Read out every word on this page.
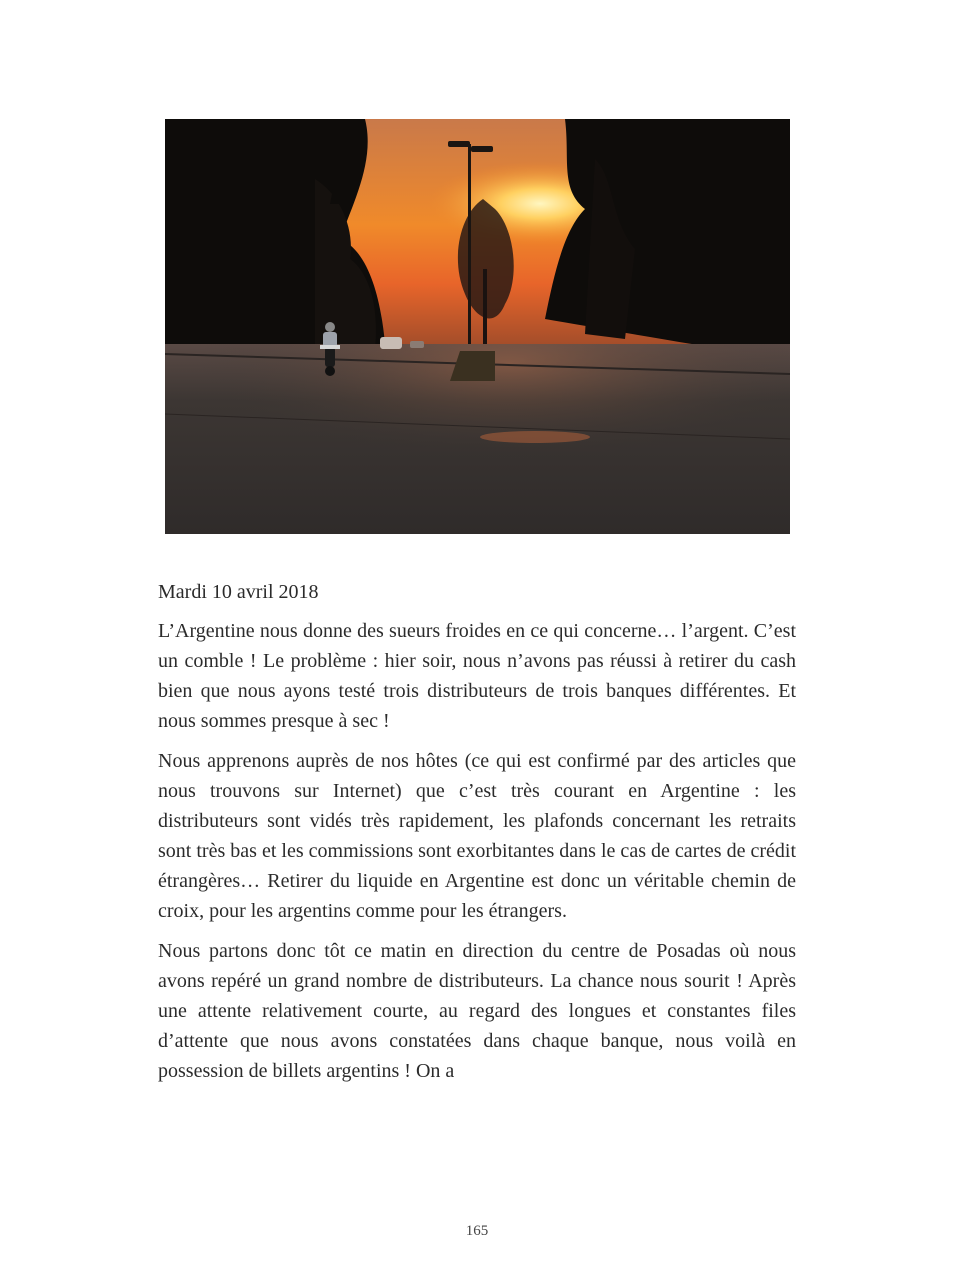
Mardi 10 avril 2018

L’Argentine nous donne des sueurs froides en ce qui concerne… l’argent. C’est un comble ! Le problème : hier soir, nous n’avons pas réussi à retirer du cash bien que nous ayons testé trois distributeurs de trois banques différentes. Et nous sommes presque à sec !

Nous apprenons auprès de nos hôtes (ce qui est confirmé par des articles que nous trouvons sur Internet) que c’est très courant en Argentine : les distributeurs sont vidés très rapidement, les plafonds concernant les retraits sont très bas et les commissions sont exorbitantes dans le cas de cartes de crédit étrangères… Retirer du liquide en Argentine est donc un véritable chemin de croix, pour les argentins comme pour les étrangers.

Nous partons donc tôt ce matin en direction du centre de Posadas où nous avons repéré un grand nombre de distributeurs. La chance nous sourit ! Après une attente relativement courte, au regard des longues et constantes files d’attente que nous avons constatées dans chaque banque, nous voilà en possession de billets argentins ! On a

165
